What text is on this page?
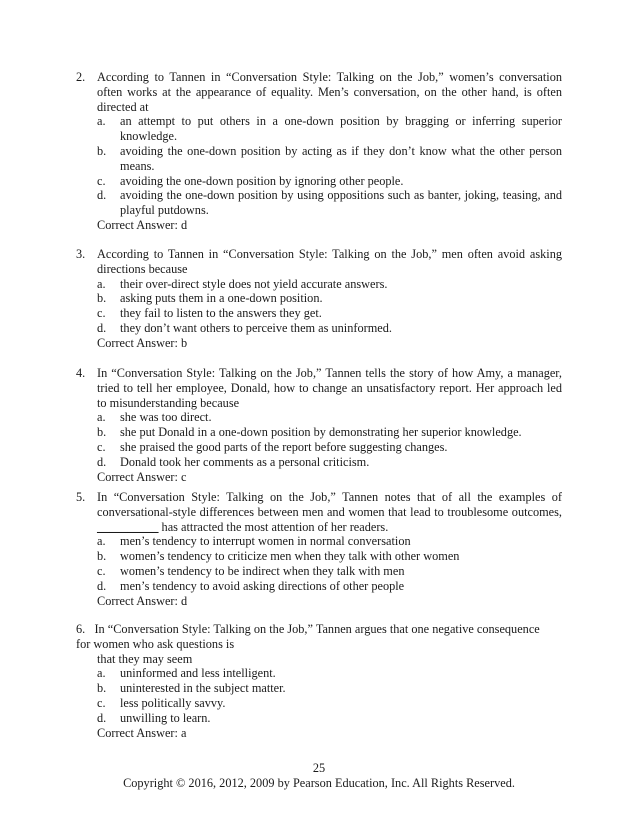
2. According to Tannen in “Conversation Style: Talking on the Job,” women’s conversation often works at the appearance of equality. Men’s conversation, on the other hand, is often directed at
a. an attempt to put others in a one-down position by bragging or inferring superior knowledge.
b. avoiding the one-down position by acting as if they don’t know what the other person means.
c. avoiding the one-down position by ignoring other people.
d. avoiding the one-down position by using oppositions such as banter, joking, teasing, and playful putdowns.
Correct Answer: d
3. According to Tannen in “Conversation Style: Talking on the Job,” men often avoid asking directions because
a. their over-direct style does not yield accurate answers.
b. asking puts them in a one-down position.
c. they fail to listen to the answers they get.
d. they don’t want others to perceive them as uninformed.
Correct Answer: b
4. In “Conversation Style: Talking on the Job,” Tannen tells the story of how Amy, a manager, tried to tell her employee, Donald, how to change an unsatisfactory report. Her approach led to misunderstanding because
a. she was too direct.
b. she put Donald in a one-down position by demonstrating her superior knowledge.
c. she praised the good parts of the report before suggesting changes.
d. Donald took her comments as a personal criticism.
Correct Answer: c
5. In “Conversation Style: Talking on the Job,” Tannen notes that of all the examples of conversational-style differences between men and women that lead to troublesome outcomes, __________ has attracted the most attention of her readers.
a. men’s tendency to interrupt women in normal conversation
b. women’s tendency to criticize men when they talk with other women
c. women’s tendency to be indirect when they talk with men
d. men’s tendency to avoid asking directions of other people
Correct Answer: d
6.   In “Conversation Style: Talking on the Job,” Tannen argues that one negative consequence
for women who ask questions is
that they may seem
a. uninformed and less intelligent.
b. uninterested in the subject matter.
c. less politically savvy.
d. unwilling to learn.
Correct Answer: a
25
Copyright © 2016, 2012, 2009 by Pearson Education, Inc. All Rights Reserved.
